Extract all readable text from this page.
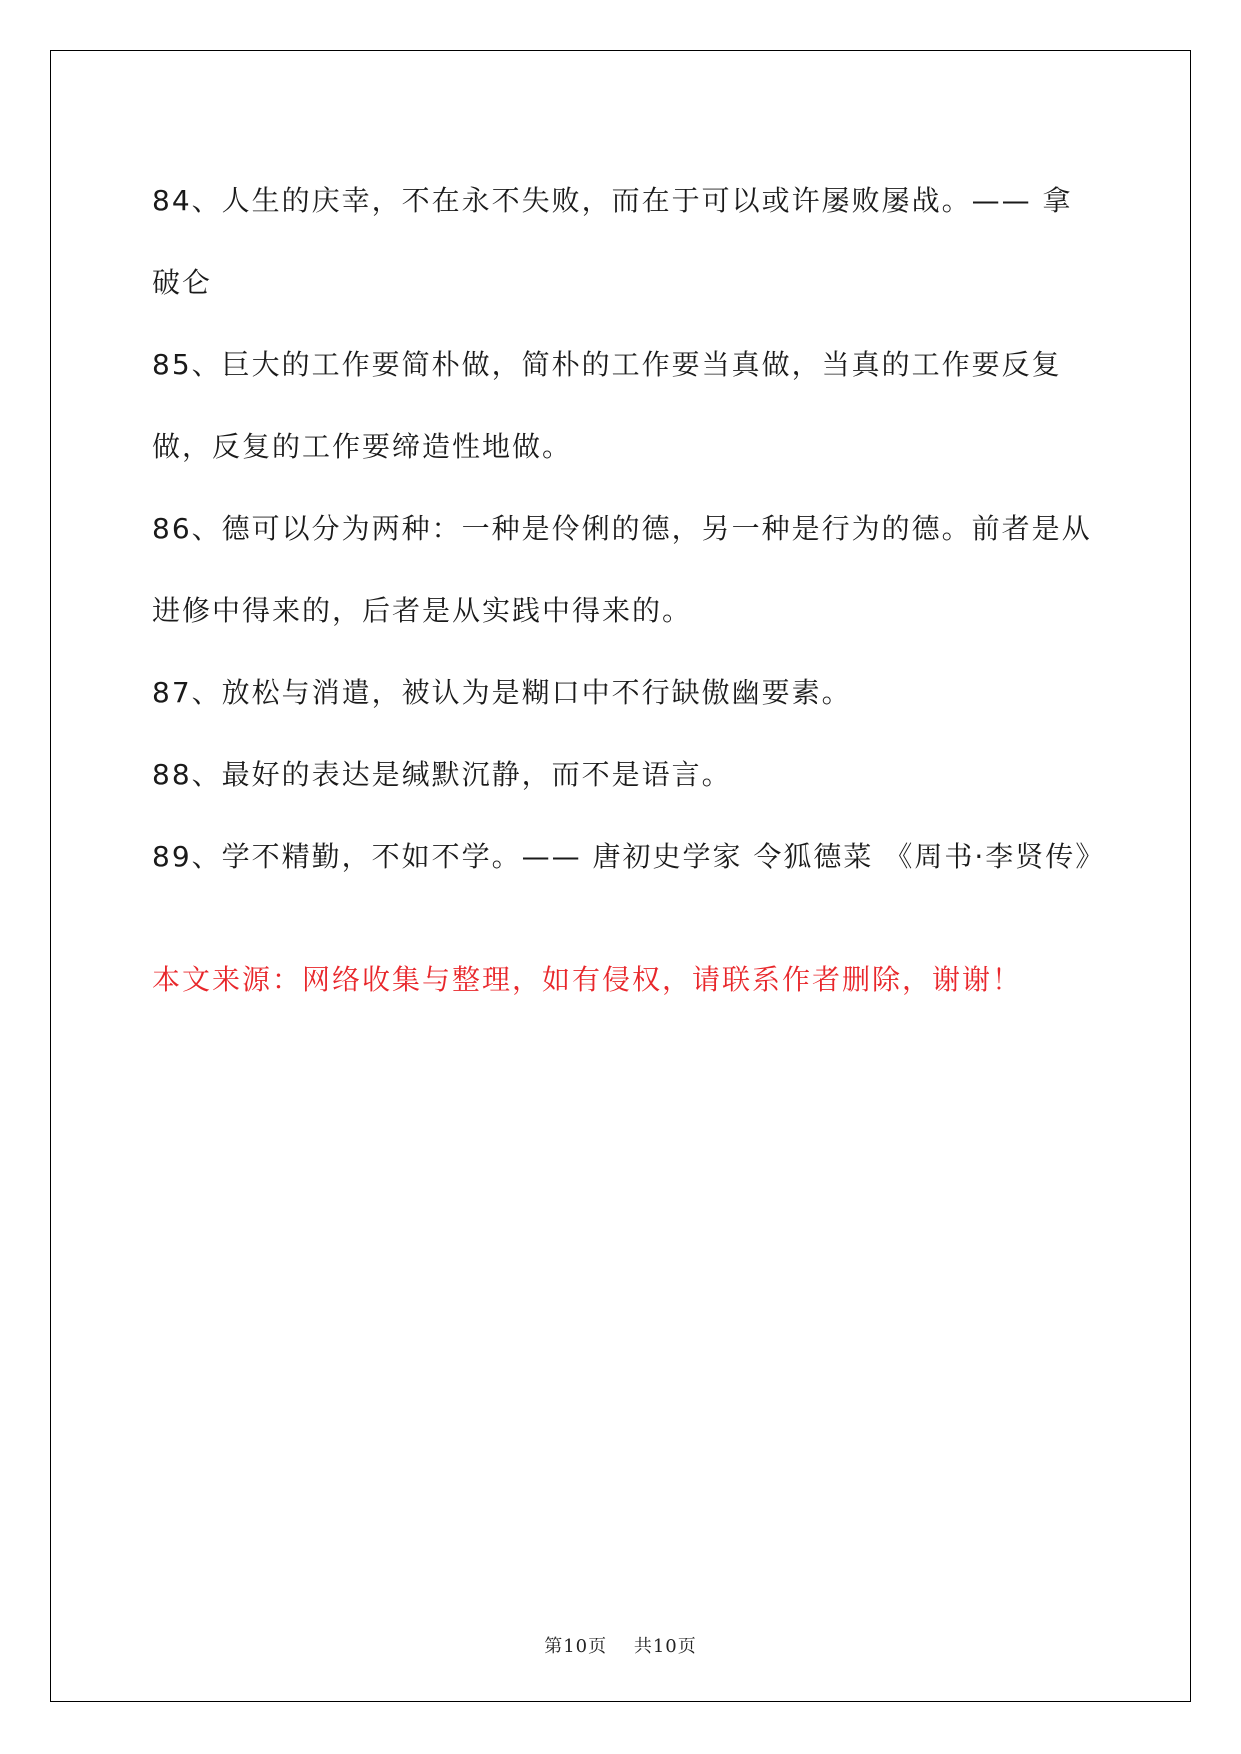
84、人生的庆幸，不在永不失败，而在于可以或许屡败屡战。—— 拿破仑

85、巨大的工作要简朴做，简朴的工作要当真做，当真的工作要反复做，反复的工作要缔造性地做。

86、德可以分为两种：一种是伶俐的德，另一种是行为的德。前者是从进修中得来的，后者是从实践中得来的。

87、放松与消遣，被认为是糊口中不行缺傲幽要素。

88、最好的表达是缄默沉静，而不是语言。

89、学不精勤，不如不学。—— 唐初史学家 令狐德菜 《周书·李贤传》

本文来源：网络收集与整理，如有侵权，请联系作者删除，谢谢！

第10页 共10页
